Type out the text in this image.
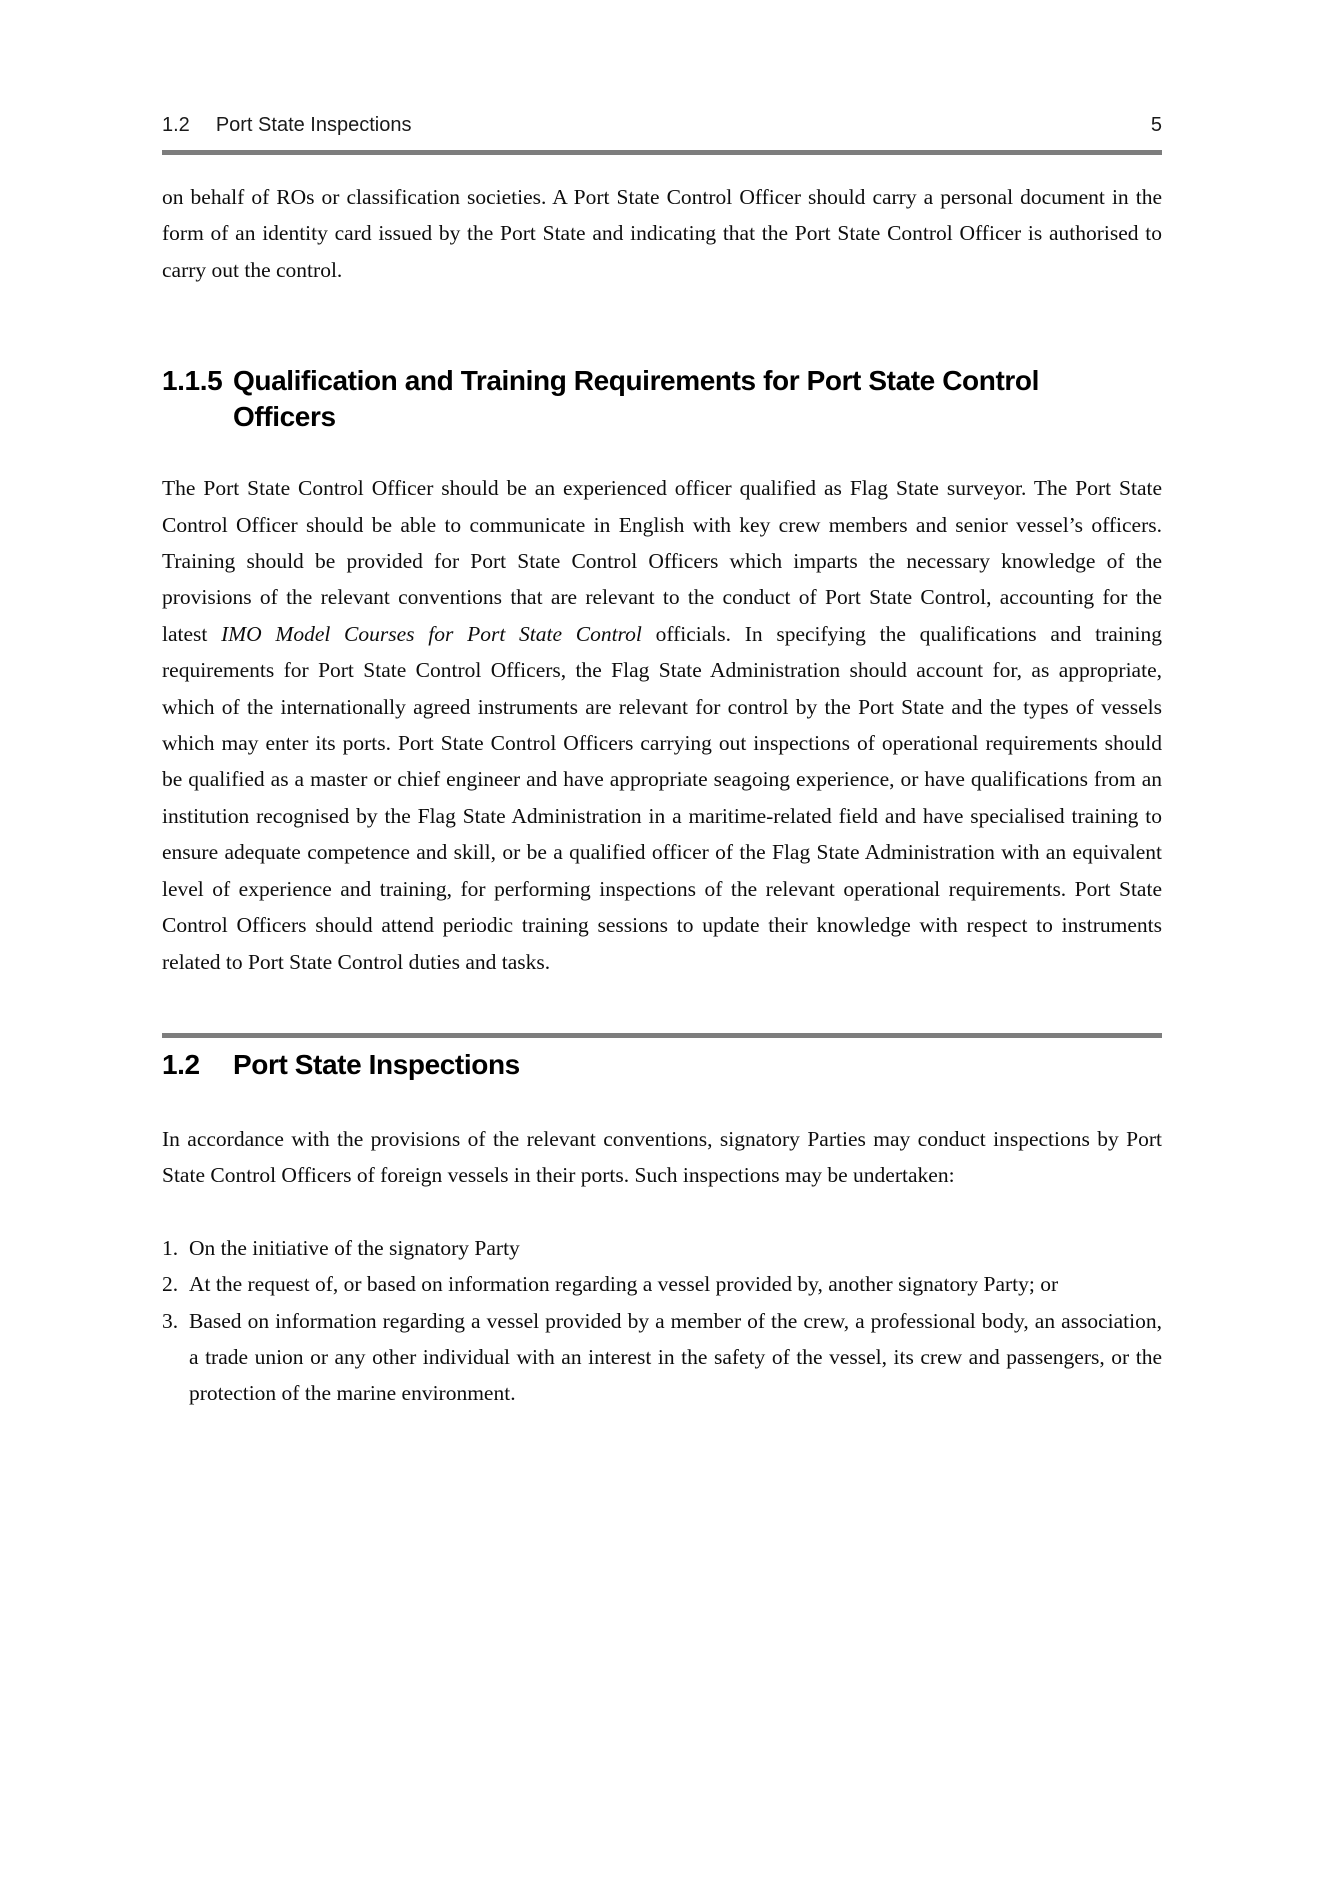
1.2 Port State Inspections	5

on behalf of ROs or classification societies. A Port State Control Officer should carry a personal document in the form of an identity card issued by the Port State and indicating that the Port State Control Officer is authorised to carry out the control.

1.1.5 Qualification and Training Requirements for Port State Control Officers

The Port State Control Officer should be an experienced officer qualified as Flag State surveyor. The Port State Control Officer should be able to communicate in English with key crew members and senior vessel’s officers. Training should be provided for Port State Control Officers which imparts the necessary knowledge of the provisions of the relevant conventions that are relevant to the conduct of Port State Control, accounting for the latest IMO Model Courses for Port State Control officials. In specifying the qualifications and training requirements for Port State Control Officers, the Flag State Administration should account for, as appropriate, which of the internationally agreed instruments are relevant for control by the Port State and the types of vessels which may enter its ports. Port State Control Officers carrying out inspections of operational requirements should be qualified as a master or chief engineer and have appropriate seagoing experience, or have qualifications from an institution recognised by the Flag State Administration in a maritime-related field and have specialised training to ensure adequate competence and skill, or be a qualified officer of the Flag State Administration with an equivalent level of experience and training, for performing inspections of the relevant operational requirements. Port State Control Officers should attend periodic training sessions to update their knowledge with respect to instruments related to Port State Control duties and tasks.

1.2	Port State Inspections

In accordance with the provisions of the relevant conventions, signatory Parties may conduct inspections by Port State Control Officers of foreign vessels in their ports. Such inspections may be undertaken:

1. On the initiative of the signatory Party
2. At the request of, or based on information regarding a vessel provided by, another signatory Party; or
3. Based on information regarding a vessel provided by a member of the crew, a professional body, an association, a trade union or any other individual with an interest in the safety of the vessel, its crew and passengers, or the protection of the marine environment.
